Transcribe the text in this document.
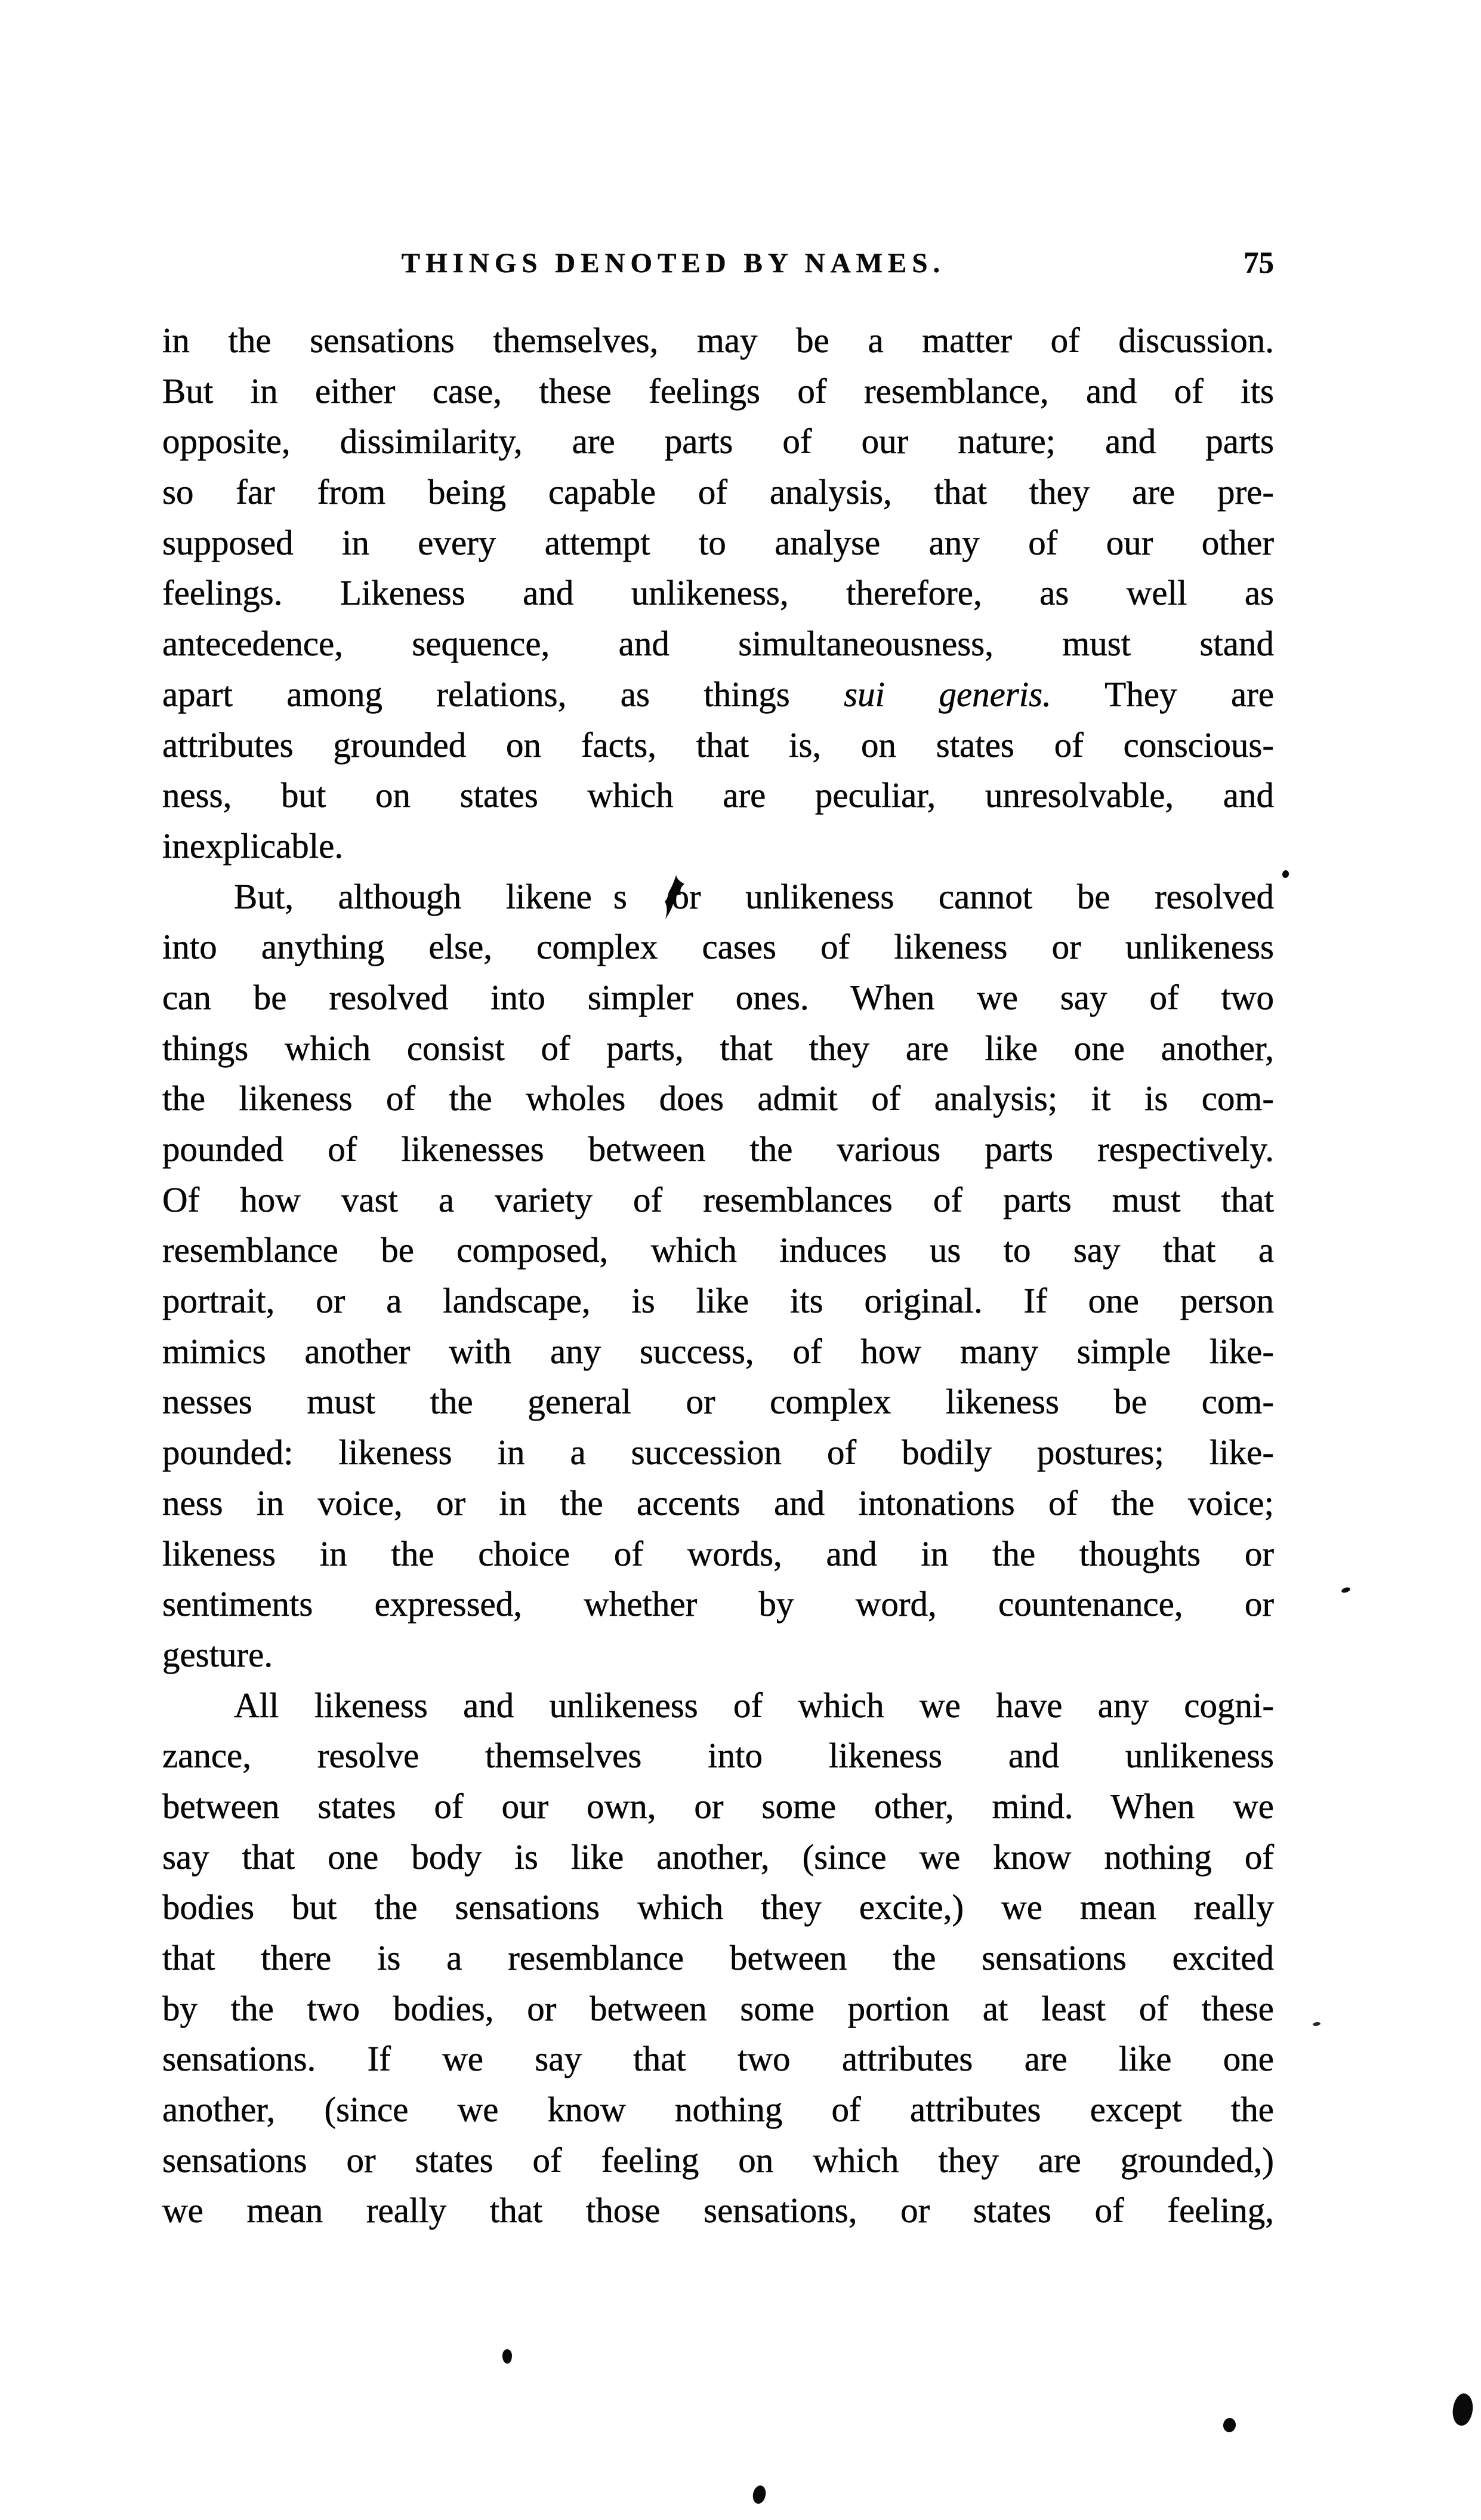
THINGS DENOTED BY NAMES.	75
in the sensations themselves, may be a matter of discussion.
But in either case, these feelings of resemblance, and of its
opposite, dissimilarity, are parts of our nature; and parts
so far from being capable of analysis, that they are pre-
supposed in every attempt to analyse any of our other
feelings. Likeness and unlikeness, therefore, as well as
antecedence, sequence, and simultaneousness, must stand
apart among relations, as things sui generis. They are
attributes grounded on facts, that is, on states of conscious-
ness, but on states which are peculiar, unresolvable, and
inexplicable.
But, although likene s or unlikeness cannot be resolved
into anything else, complex cases of likeness or unlikeness
can be resolved into simpler ones. When we say of two
things which consist of parts, that they are like one another,
the likeness of the wholes does admit of analysis; it is com-
pounded of likenesses between the various parts respectively.
Of how vast a variety of resemblances of parts must that
resemblance be composed, which induces us to say that a
portrait, or a landscape, is like its original. If one person
mimics another with any success, of how many simple like-
nesses must the general or complex likeness be com-
pounded: likeness in a succession of bodily postures; like-
ness in voice, or in the accents and intonations of the voice;
likeness in the choice of words, and in the thoughts or
sentiments expressed, whether by word, countenance, or
gesture.
All likeness and unlikeness of which we have any cogni-
zance, resolve themselves into likeness and unlikeness
between states of our own, or some other, mind. When we
say that one body is like another, (since we know nothing of
bodies but the sensations which they excite,) we mean really
that there is a resemblance between the sensations excited
by the two bodies, or between some portion at least of these
sensations. If we say that two attributes are like one
another, (since we know nothing of attributes except the
sensations or states of feeling on which they are grounded,)
we mean really that those sensations, or states of feeling,
